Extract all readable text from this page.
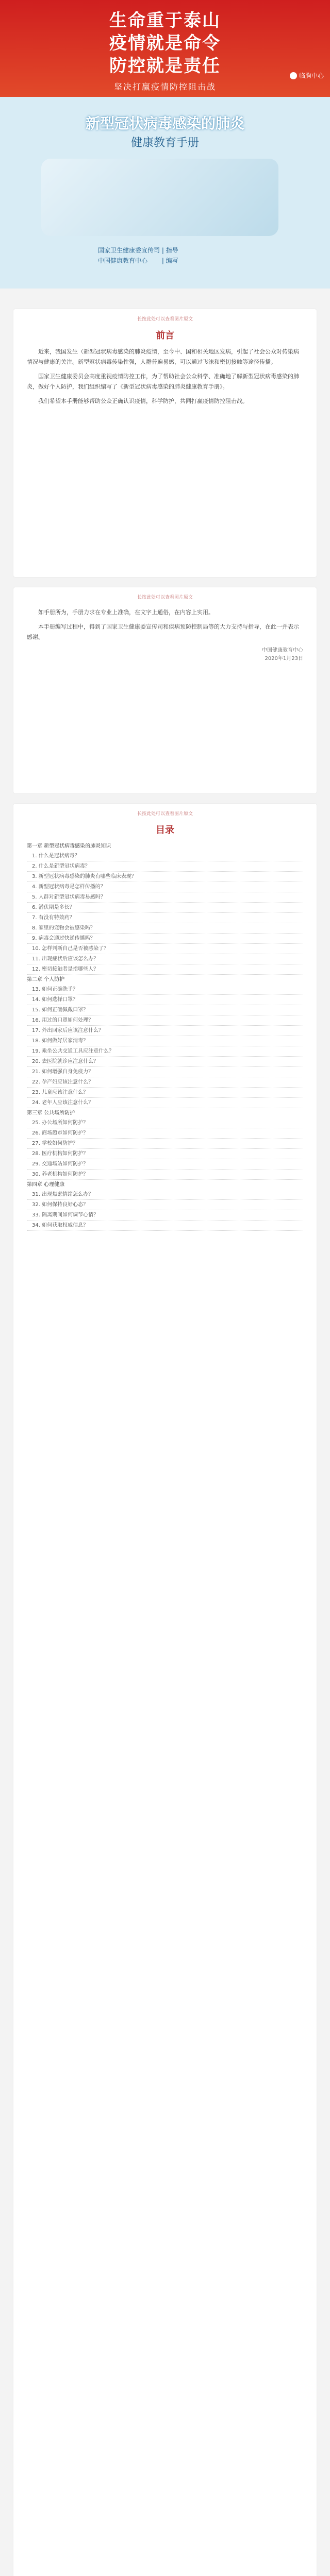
生命重于泰山
疫情就是命令
防控就是责任
坚决打赢疫情防控阻击战
临朐中心
新型冠状病毒感染的肺炎
健康教育手册
国家卫生健康委宣传司 | 指导
中国健康教育中心　　 | 编写
长按此处可以查看图片原文
前言

近来，我国发生（新型冠状病毒感染的肺炎疫情，至今中、国和相关地区发病，引起了社会公众对传染病情况与健康的关注。新型冠状病毒传染性强，人群普遍易感，可以通过飞沫和密切接触等途径传播。

国家卫生健康委员会高度重视疫情防控工作，为了帮助社会公众科学、准确地了解新型冠状病毒感染的肺炎，做好个人防护，我们组织编写了《新型冠状病毒感染的肺炎健康教育手册》。

我们希望本手册能够帮助公众正确认识疫情，科学防护，共同打赢疫情防控阻击战。

长按此处可以查看图片原文

如手册所为，手册力求在专业上准确，在文字上通俗，在内容上实用。

本手册编写过程中，得到了国家卫生健康委宣传司和疾病预防控制局等的大力支持与指导，在此一并表示感谢。

中国健康教育中心
2020年1月23日
长按此处可以查看图片原文
目录
第一章 新型冠状病毒感染的肺炎知识
1. 什么是冠状病毒？
2. 什么是新型冠状病毒？
3. 新型冠状病毒感染的肺炎有哪些临床表现？
4. 新型冠状病毒是怎样传播的？
5. 人群对新型冠状病毒易感吗？
6. 潜伏期是多长？
7. 有没有特效药？
8. 家里的宠物会被感染吗？
9. 病毒会通过快递传播吗？
10. 怎样判断自己是否被感染了？
11. 出现症状后应该怎么办？
12. 密切接触者是指哪些人？
第二章 个人防护
13. 如何正确洗手？
14. 如何选择口罩？
15. 如何正确佩戴口罩？
16. 用过的口罩如何处理？
17. 外出回家后应该注意什么？
18. 如何做好居家消毒？
19. 乘坐公共交通工具应注意什么？
20. 去医院就诊应注意什么？
21. 如何增强自身免疫力？
22. 孕产妇应该注意什么？
23. 儿童应该注意什么？
24. 老年人应该注意什么？
第三章 公共场所防护
25. 办公场所如何防护？
26. 商场超市如何防护？
27. 学校如何防护？
28. 医疗机构如何防护？
29. 交通场站如何防护？
30. 养老机构如何防护？
第四章 心理健康
31. 出现焦虑情绪怎么办？
32. 如何保持良好心态？
33. 隔离期间如何调节心情？
34. 如何获取权威信息？
